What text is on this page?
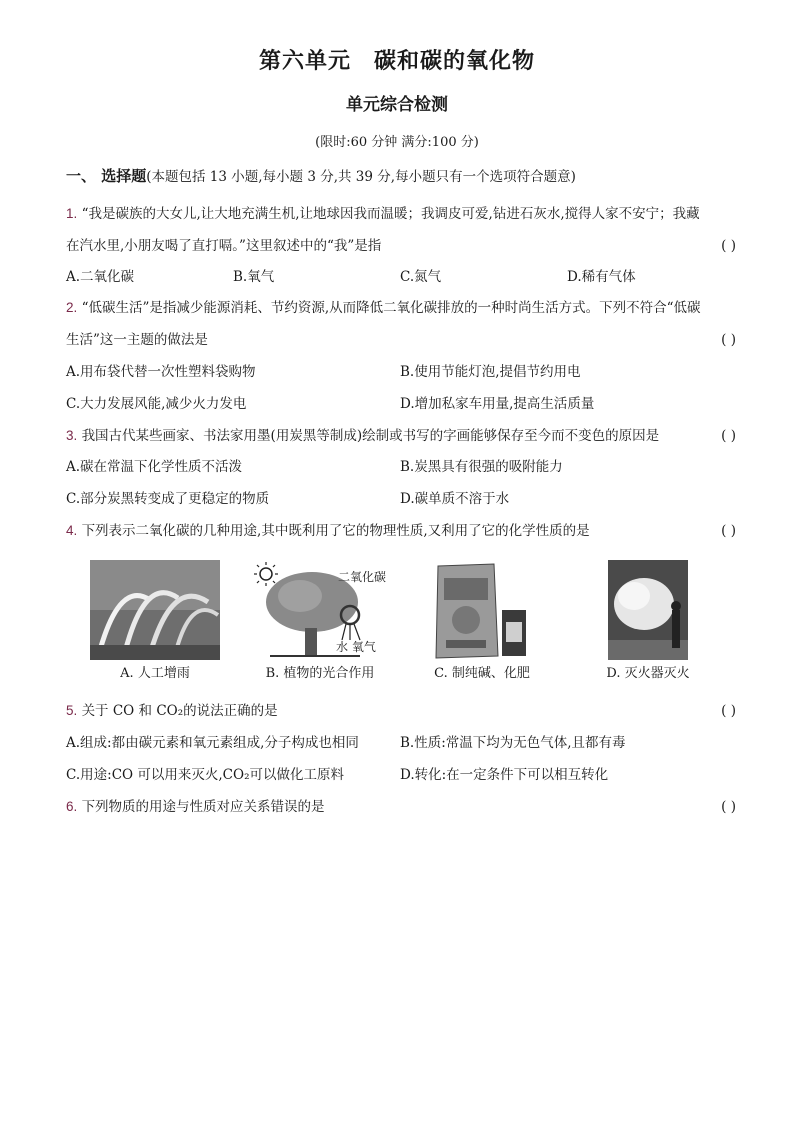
第六单元　碳和碳的氧化物
单元综合检测
(限时:60 分钟 满分:100 分)
一、 选择题(本题包括 13 小题,每小题 3 分,共 39 分,每小题只有一个选项符合题意)
1. “我是碳族的大女儿,让大地充满生机,让地球因我而温暖；我调皮可爱,钻进石灰水,搅得人家不安宁；我藏
在汽水里,小朋友喝了直打嗝。”这里叙述中的“我”是指	( )
A.二氧化碳	B.氧气	C.氮气	D.稀有气体
2. “低碳生活”是指减少能源消耗、节约资源,从而降低二氧化碳排放的一种时尚生活方式。下列不符合“低碳
生活”这一主题的做法是	( )
A.用布袋代替一次性塑料袋购物	B.使用节能灯泡,提倡节约用电
C.大力发展风能,减少火力发电	D.增加私家车用量,提高生活质量
3. 我国古代某些画家、书法家用墨(用炭黑等制成)绘制或书写的字画能够保存至今而不变色的原因是	( )
A.碳在常温下化学性质不活泼	B.炭黑具有很强的吸附能力
C.部分炭黑转变成了更稳定的物质	D.碳单质不溶于水
4. 下列表示二氧化碳的几种用途,其中既利用了它的物理性质,又利用了它的化学性质的是	( )
A. 人工增雨
二氧化碳
水 氧气
B. 植物的光合作用	C. 制纯碱、化肥	D. 灭火器灭火
5. 关于 CO 和 CO₂的说法正确的是	( )
A.组成:都由碳元素和氧元素组成,分子构成也相同	B.性质:常温下均为无色气体,且都有毒
C.用途:CO 可以用来灭火,CO₂可以做化工原料	D.转化:在一定条件下可以相互转化
6. 下列物质的用途与性质对应关系错误的是	( )
